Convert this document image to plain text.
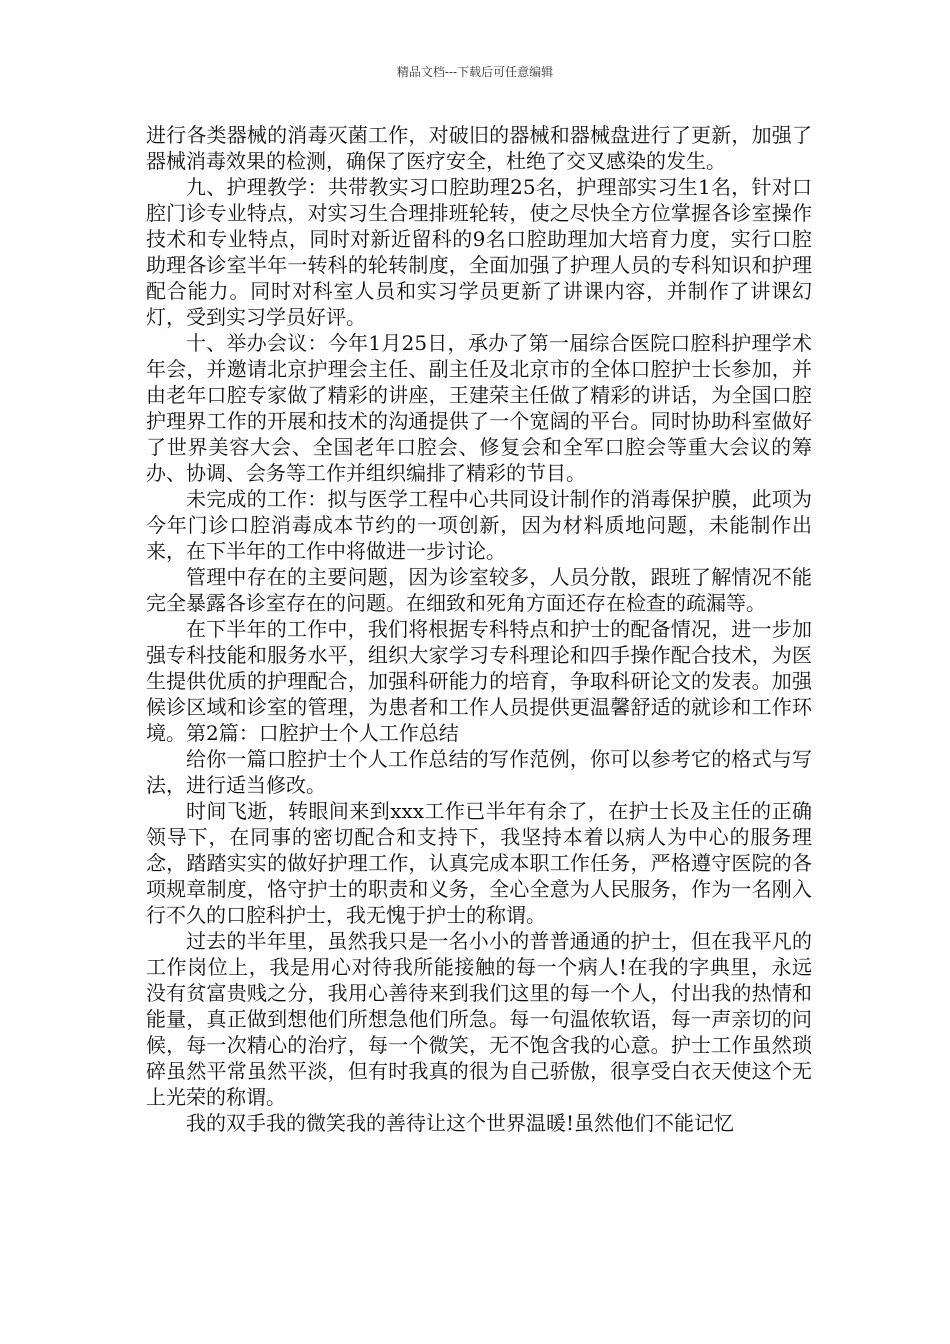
精品文档---下载后可任意编辑

进行各类器械的消毒灭菌工作，对破旧的器械和器械盘进行了更新，加强了器械消毒效果的检测，确保了医疗安全，杜绝了交叉感染的发生。

九、护理教学：共带教实习口腔助理25名，护理部实习生1名，针对口腔门诊专业特点，对实习生合理排班轮转，使之尽快全方位掌握各诊室操作技术和专业特点，同时对新近留科的9名口腔助理加大培育力度，实行口腔助理各诊室半年一转科的轮转制度，全面加强了护理人员的专科知识和护理配合能力。同时对科室人员和实习学员更新了讲课内容，并制作了讲课幻灯，受到实习学员好评。

十、举办会议：今年1月25日，承办了第一届综合医院口腔科护理学术年会，并邀请北京护理会主任、副主任及北京市的全体口腔护士长参加，并由老年口腔专家做了精彩的讲座，王建荣主任做了精彩的讲话，为全国口腔护理界工作的开展和技术的沟通提供了一个宽阔的平台。同时协助科室做好了世界美容大会、全国老年口腔会、修复会和全军口腔会等重大会议的筹办、协调、会务等工作并组织编排了精彩的节目。

未完成的工作：拟与医学工程中心共同设计制作的消毒保护膜，此项为今年门诊口腔消毒成本节约的一项创新，因为材料质地问题，未能制作出来，在下半年的工作中将做进一步讨论。

管理中存在的主要问题，因为诊室较多，人员分散，跟班了解情况不能完全暴露各诊室存在的问题。在细致和死角方面还存在检查的疏漏等。

在下半年的工作中，我们将根据专科特点和护士的配备情况，进一步加强专科技能和服务水平，组织大家学习专科理论和四手操作配合技术，为医生提供优质的护理配合，加强科研能力的培育，争取科研论文的发表。加强候诊区域和诊室的管理，为患者和工作人员提供更温馨舒适的就诊和工作环境。第2篇：口腔护士个人工作总结

给你一篇口腔护士个人工作总结的写作范例，你可以参考它的格式与写法，进行适当修改。

时间飞逝，转眼间来到xxx工作已半年有余了，在护士长及主任的正确领导下，在同事的密切配合和支持下，我坚持本着以病人为中心的服务理念，踏踏实实的做好护理工作，认真完成本职工作任务，严格遵守医院的各项规章制度，恪守护士的职责和义务，全心全意为人民服务，作为一名刚入行不久的口腔科护士，我无愧于护士的称谓。

过去的半年里，虽然我只是一名小小的普普通通的护士，但在我平凡的工作岗位上，我是用心对待我所能接触的每一个病人!在我的字典里，永远没有贫富贵贱之分，我用心善待来到我们这里的每一个人，付出我的热情和能量，真正做到想他们所想急他们所急。每一句温侬软语，每一声亲切的问候，每一次精心的治疗，每一个微笑，无不饱含我的心意。护士工作虽然琐碎虽然平常虽然平淡，但有时我真的很为自己骄傲，很享受白衣天使这个无上光荣的称谓。

我的双手我的微笑我的善待让这个世界温暖!虽然他们不能记忆
